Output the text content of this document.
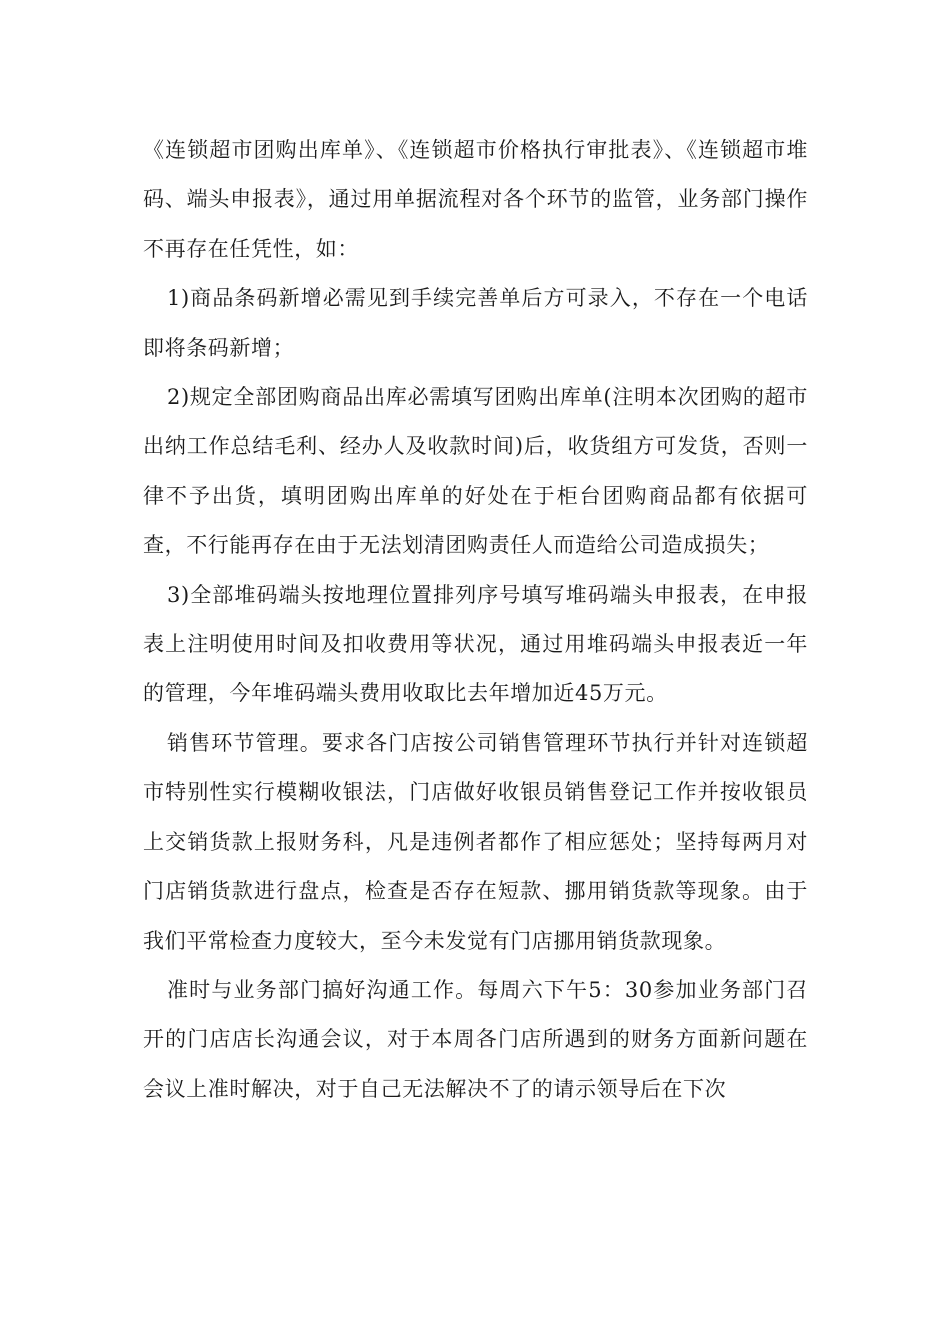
《连锁超市团购出库单》、《连锁超市价格执行审批表》、《连锁超市堆码、端头申报表》，通过用单据流程对各个环节的监管，业务部门操作不再存在任凭性，如：

1)商品条码新增必需见到手续完善单后方可录入，不存在一个电话即将条码新增；

2)规定全部团购商品出库必需填写团购出库单(注明本次团购的超市出纳工作总结毛利、经办人及收款时间)后，收货组方可发货，否则一律不予出货，填明团购出库单的好处在于柜台团购商品都有依据可查，不行能再存在由于无法划清团购责任人而造给公司造成损失；

3)全部堆码端头按地理位置排列序号填写堆码端头申报表，在申报表上注明使用时间及扣收费用等状况，通过用堆码端头申报表近一年的管理，今年堆码端头费用收取比去年增加近45万元。

销售环节管理。要求各门店按公司销售管理环节执行并针对连锁超市特别性实行模糊收银法，门店做好收银员销售登记工作并按收银员上交销货款上报财务科，凡是违例者都作了相应惩处；坚持每两月对门店销货款进行盘点，检查是否存在短款、挪用销货款等现象。由于我们平常检查力度较大，至今未发觉有门店挪用销货款现象。

准时与业务部门搞好沟通工作。每周六下午5：30参加业务部门召开的门店店长沟通会议，对于本周各门店所遇到的财务方面新问题在会议上准时解决，对于自己无法解决不了的请示领导后在下次
